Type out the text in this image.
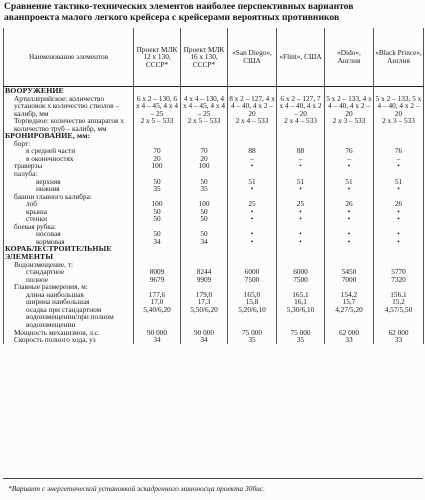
Сравнение тактико-технических элементов наиболее перспективных вариантов
аванпроекта малого легкого крейсера с крейсерами вероятных противников
Наименование элементов	Проект МЛК 12 x 130, СССР*	Проект МЛК 16 x 130, СССР*	«San Diego», США	«Flint», США	«Dido», Англия	«Black Prince», Англия
ВООРУЖЕНИЕ						
Артиллерийское: количество установок x количество стволов – калибр, мм	6 x 2 – 130, 6 x 4 – 45, 4 x 4 – 25	4 x 4 – 130, 4 x 4 – 45, 4 x 4 – 25	8 x 2 – 127, 4 x 4 – 40, 4 x 2 – 20	6 x 2 – 127, 7 x 4 – 40, 4 x 2 – 20	5 x 2 – 133, 4 x 4 – 40, 4 x 2 – 20	5 x 2 – 133, 5 x 4 – 40, 4 x 2 – 20
Торпедное: количество аппаратов x количество труб – калибр, мм	2 x 5 – 533	2 x 5 – 533	2 x 4 – 533	2 x 4 – 533	2 x 3 – 533	2 x 3 – 533
БРОНИРОВАНИЕ, мм:						
борт:						
в средней части	70	70	88	88	76	76
в оконечностях	20	20	–	–	–	–
траверзы	100	100	•	•	•	•
палуба:						
верхняя	50	50	51	51	51	51
нижняя	35	35	•	•	•	•
башни главного калибра:						
лоб	100	100	25	25	26	26
крыша	50	50	•	•	•	•
стенки	50	50	•	•	•	•
боевая рубка:						
носовая	50	50	•	•	•	•
кормовая	34	34	•	•	•	•
КОРАБЛЕСТРОИТЕЛЬНЫЕ ЭЛЕМЕНТЫ						
Водоизмещение, т:						
стандартное	8009	8244	6000	6000	5450	5770
полное	9679	9909	7500	7500	7000	7320
Главные размерения, м:						
длина наибольшая	177,6	179,0	165,0	165,1	154,2	156,1
ширина наибольшая	17,0	17,3	15,8	16,1	15,7	15,2
осадка при стандартном водоизмещении/при полном водоизмещении	5,40/6,20	5,50/6,20	5,20/6,10	5,30/6,10	4,27/5,20	4,57/5,50
Мощность механизмов, л.с.	90 000	90 000	75 000	75 000	62 000	62 000
Скорость полного хода, уз	34	34	35	35	33	33
*Вариант с энергетической установкой эскадренного миноносца проекта 30бис.
